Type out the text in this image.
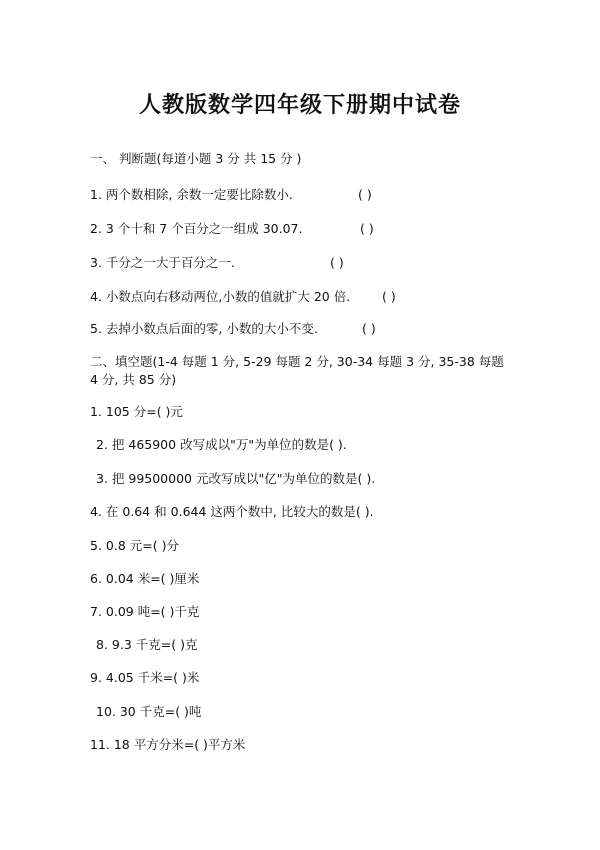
人教版数学四年级下册期中试卷
一、 判断题(每道小题 3 分 共 15 分 )
1. 两个数相除, 余数一定要比除数小.	( )
2. 3 个十和 7 个百分之一组成 30.07.	( )
3. 千分之一大于百分之一.	( )
4. 小数点向右移动两位,小数的值就扩大 20 倍.	( )
5. 去掉小数点后面的零, 小数的大小不变.	( )
二、填空题(1-4 每题 1 分, 5-29 每题 2 分, 30-34 每题 3 分, 35-38 每题 4 分, 共 85 分)
1. 105 分=( )元
2. 把 465900 改写成以"万"为单位的数是( ).
3. 把 99500000 元改写成以"亿"为单位的数是( ).
4. 在 0.64 和 0.644 这两个数中, 比较大的数是( ).
5. 0.8 元=( )分
6. 0.04 米=( )厘米
7. 0.09 吨=( )千克
8. 9.3 千克=( )克
9. 4.05 千米=( )米
10. 30 千克=( )吨
11. 18 平方分米=( )平方米
